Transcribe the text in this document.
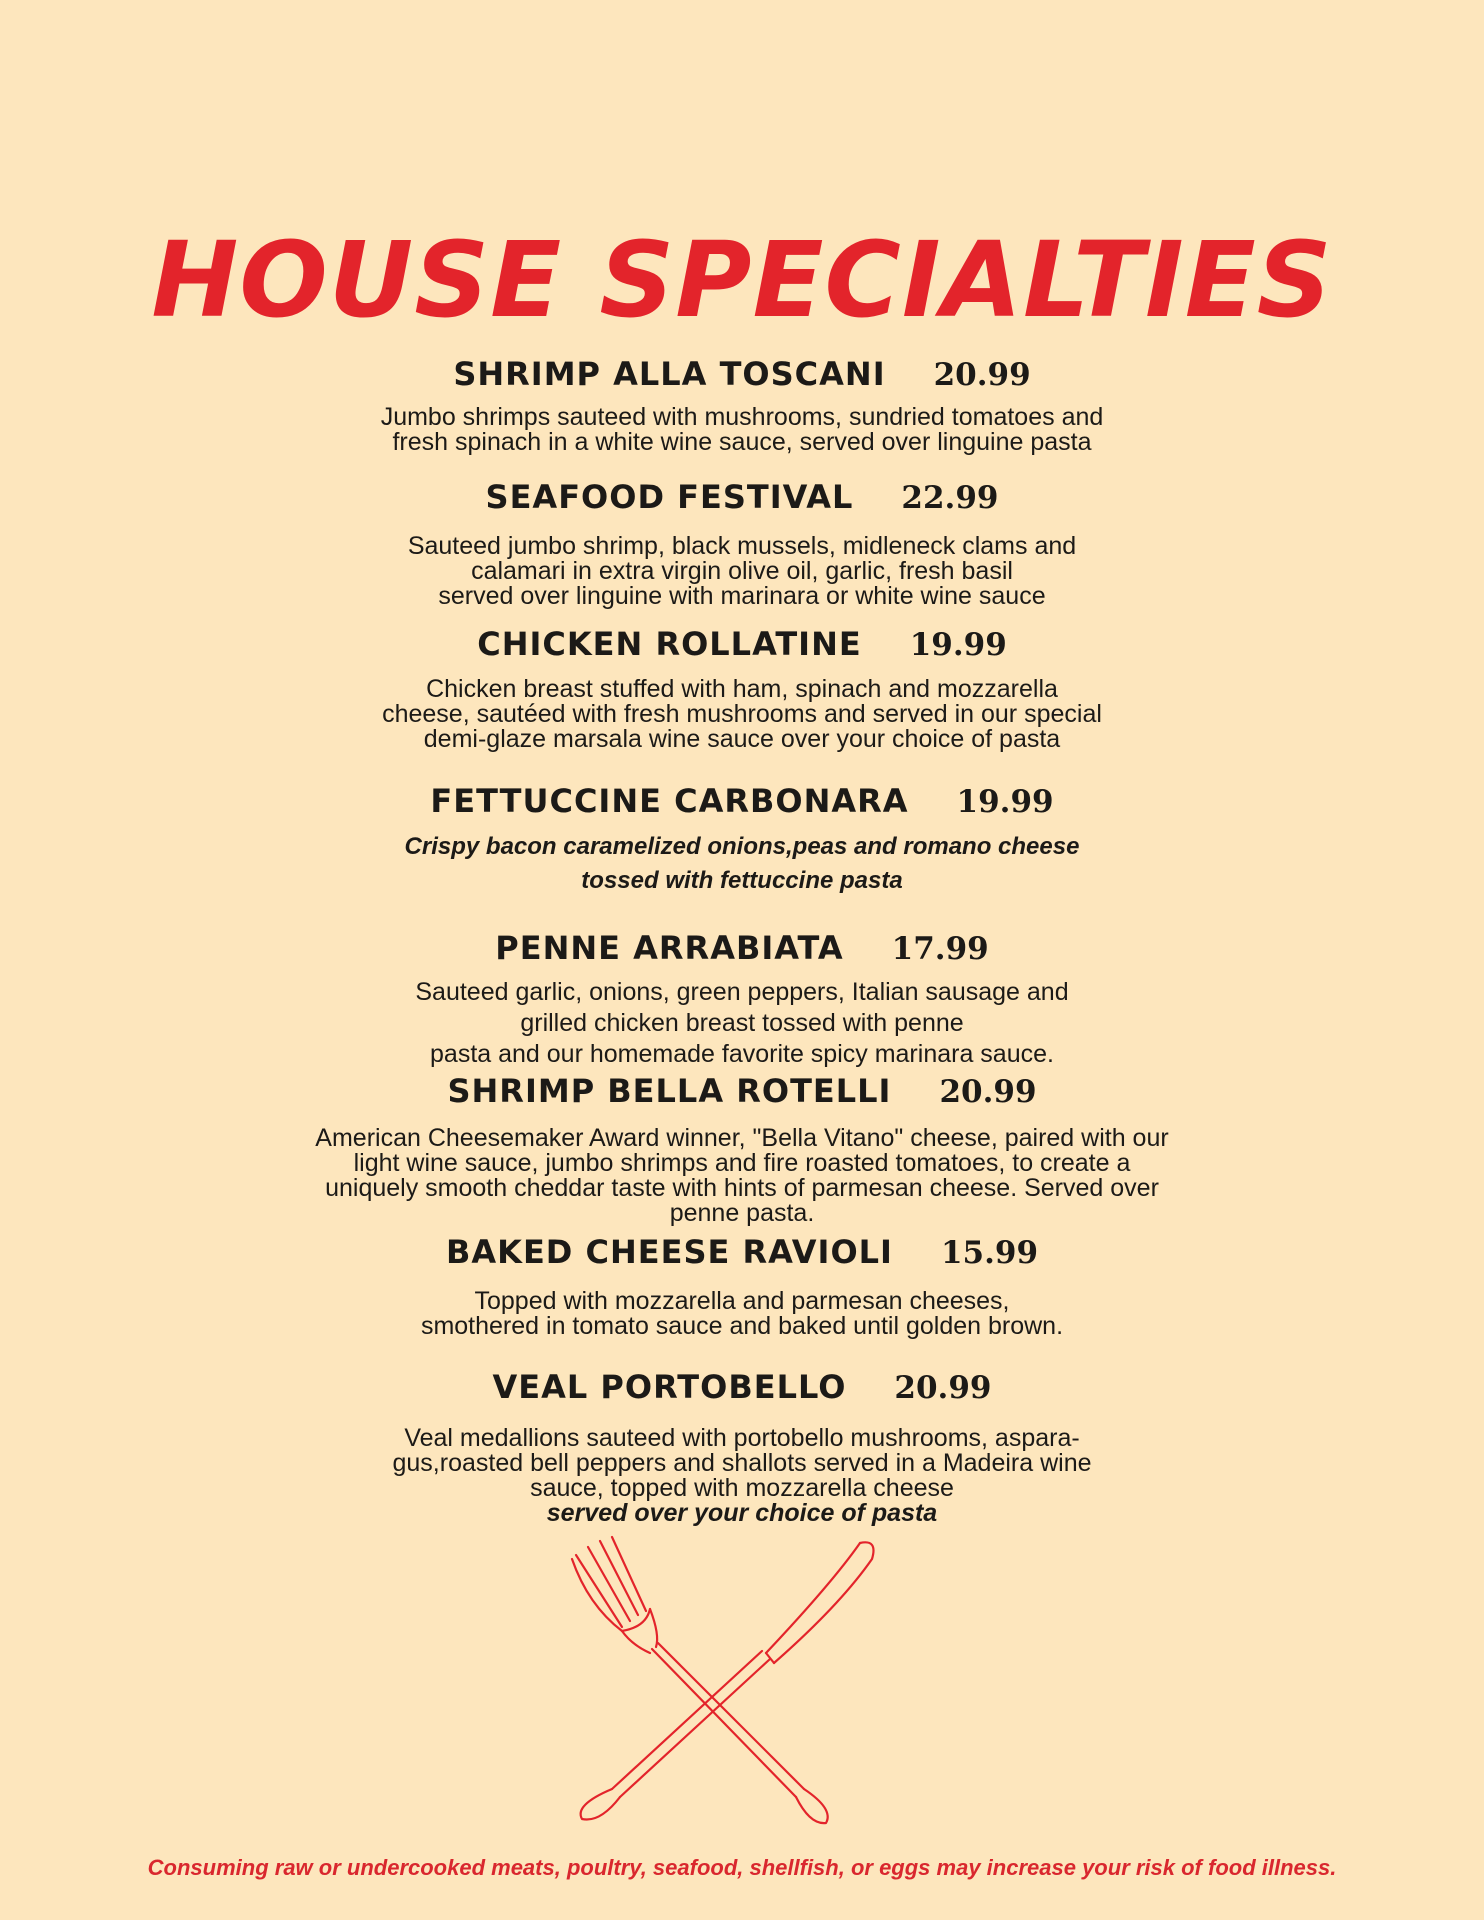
HOUSE SPECIALTIES
SHRIMP ALLA TOSCANI 20.99
Jumbo shrimps sauteed with mushrooms, sundried tomatoes and
fresh spinach in a white wine sauce, served over linguine pasta
SEAFOOD FESTIVAL 22.99
Sauteed jumbo shrimp, black mussels, midleneck clams and
calamari in extra virgin olive oil, garlic, fresh basil
served over linguine with marinara or white wine sauce
CHICKEN ROLLATINE 19.99
Chicken breast stuffed with ham, spinach and mozzarella
cheese, sautéed with fresh mushrooms and served in our special
demi-glaze marsala wine sauce over your choice of pasta
FETTUCCINE CARBONARA 19.99
Crispy bacon caramelized onions,peas and romano cheese
tossed with fettuccine pasta
PENNE ARRABIATA 17.99
Sauteed garlic, onions, green peppers, Italian sausage and
grilled chicken breast tossed with penne
pasta and our homemade favorite spicy marinara sauce.
SHRIMP BELLA ROTELLI 20.99
American Cheesemaker Award winner, "Bella Vitano" cheese, paired with our
light wine sauce, jumbo shrimps and fire roasted tomatoes, to create a
uniquely smooth cheddar taste with hints of parmesan cheese. Served over
penne pasta.
BAKED CHEESE RAVIOLI 15.99
Topped with mozzarella and parmesan cheeses,
smothered in tomato sauce and baked until golden brown.
VEAL PORTOBELLO 20.99
Veal medallions sauteed with portobello mushrooms, aspara-
gus,roasted bell peppers and shallots served in a Madeira wine
sauce, topped with mozzarella cheese
served over your choice of pasta
Consuming raw or undercooked meats, poultry, seafood, shellfish, or eggs may increase your risk of food illness.
